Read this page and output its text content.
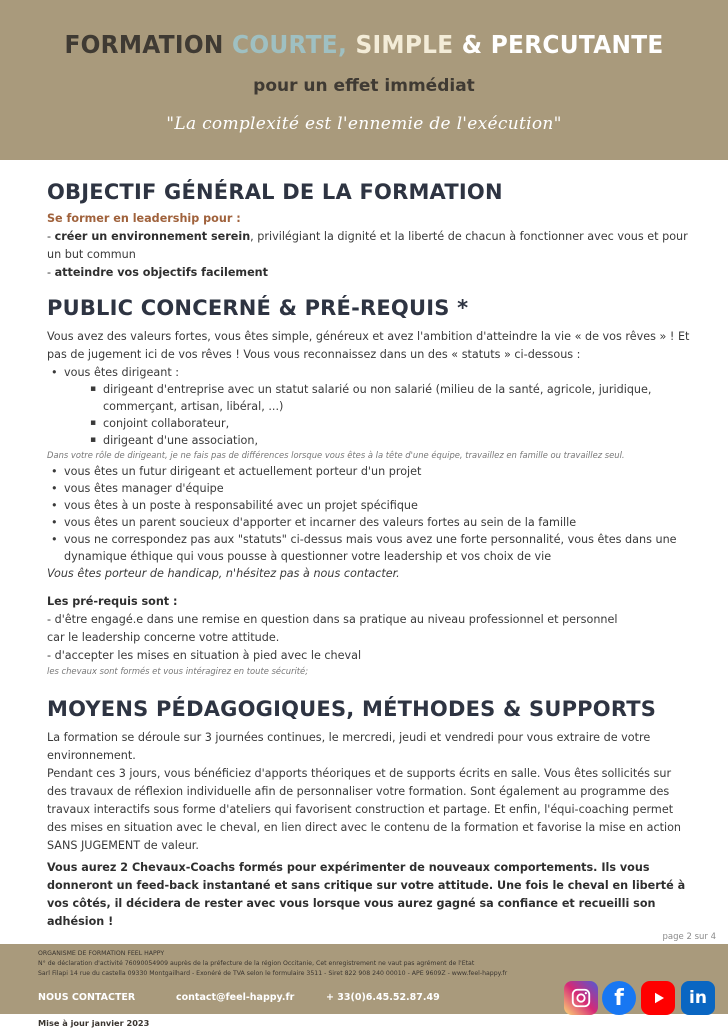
FORMATION COURTE, SIMPLE & PERCUTANTE
pour un effet immédiat
"La complexité est l'ennemie de l'exécution"
OBJECTIF GÉNÉRAL DE LA FORMATION
Se former en leadership pour :

- créer un environnement serein, privilégiant la dignité et la liberté de chacun à fonctionner avec vous et pour un but commun

- atteindre vos objectifs facilement

PUBLIC CONCERNÉ & PRÉ-REQUIS *

Vous avez des valeurs fortes, vous êtes simple, généreux et avez l'ambition d'atteindre la vie « de vos rêves » ! Et pas de jugement ici de vos rêves ! Vous vous reconnaissez dans un des « statuts » ci-dessous :

• vous êtes dirigeant :
▪ dirigeant d'entreprise avec un statut salarié ou non salarié (milieu de la santé, agricole, juridique, commerçant, artisan, libéral, ...)
▪ conjoint collaborateur,
▪ dirigeant d'une association,
Dans votre rôle de dirigeant, je ne fais pas de différences lorsque vous êtes à la tête d'une équipe, travaillez en famille ou travaillez seul.
• vous êtes un futur dirigeant et actuellement porteur d'un projet
• vous êtes manager d'équipe
• vous êtes à un poste à responsabilité avec un projet spécifique
• vous êtes un parent soucieux d'apporter et incarner des valeurs fortes au sein de la famille
• vous ne correspondez pas aux "statuts" ci-dessus mais vous avez une forte personnalité, vous êtes dans une dynamique éthique qui vous pousse à questionner votre leadership et vos choix de vie

Vous êtes porteur de handicap, n'hésitez pas à nous contacter.

Les pré-requis sont :

- d'être engagé.e dans une remise en question dans sa pratique au niveau professionnel et personnel

car le leadership concerne votre attitude.

- d'accepter les mises en situation à pied avec le cheval

les chevaux sont formés et vous intéragirez en toute sécurité;
MOYENS PÉDAGOGIQUES, MÉTHODES & SUPPORTS

La formation se déroule sur 3 journées continues, le mercredi, jeudi et vendredi pour vous extraire de votre environnement.

Pendant ces 3 jours, vous bénéficiez d'apports théoriques et de supports écrits en salle. Vous êtes sollicités sur des travaux de réflexion individuelle afin de personnaliser votre formation. Sont également au programme des travaux interactifs sous forme d'ateliers qui favorisent construction et partage. Et enfin, l'équi-coaching permet des mises en situation avec le cheval, en lien direct avec le contenu de la formation et favorise la mise en action SANS JUGEMENT de valeur.

Vous aurez 2 Chevaux-Coachs formés pour expérimenter de nouveaux comportements. Ils vous donneront un feed-back instantané et sans critique sur votre attitude. Une fois le cheval en liberté à vos côtés, il décidera de rester avec vous lorsque vous aurez gagné sa confiance et recueilli son adhésion !

page 2 sur 4
ORGANISME DE FORMATION FEEL HAPPY
N° de déclaration d'activité 76090054909 auprès de la préfecture de la région Occitanie, Cet enregistrement ne vaut pas agrément de l'Etat
Sarl Filapi 14 rue du castella 09330 Montgailhard - Exonéré de TVA selon le formulaire 3511 - Siret 822 908 240 00010 - APE 9609Z - www.feel-happy.fr
NOUS CONTACTER	contact@feel-happy.fr	+ 33(0)6.45.52.87.49	f	in
Mise à jour janvier 2023
